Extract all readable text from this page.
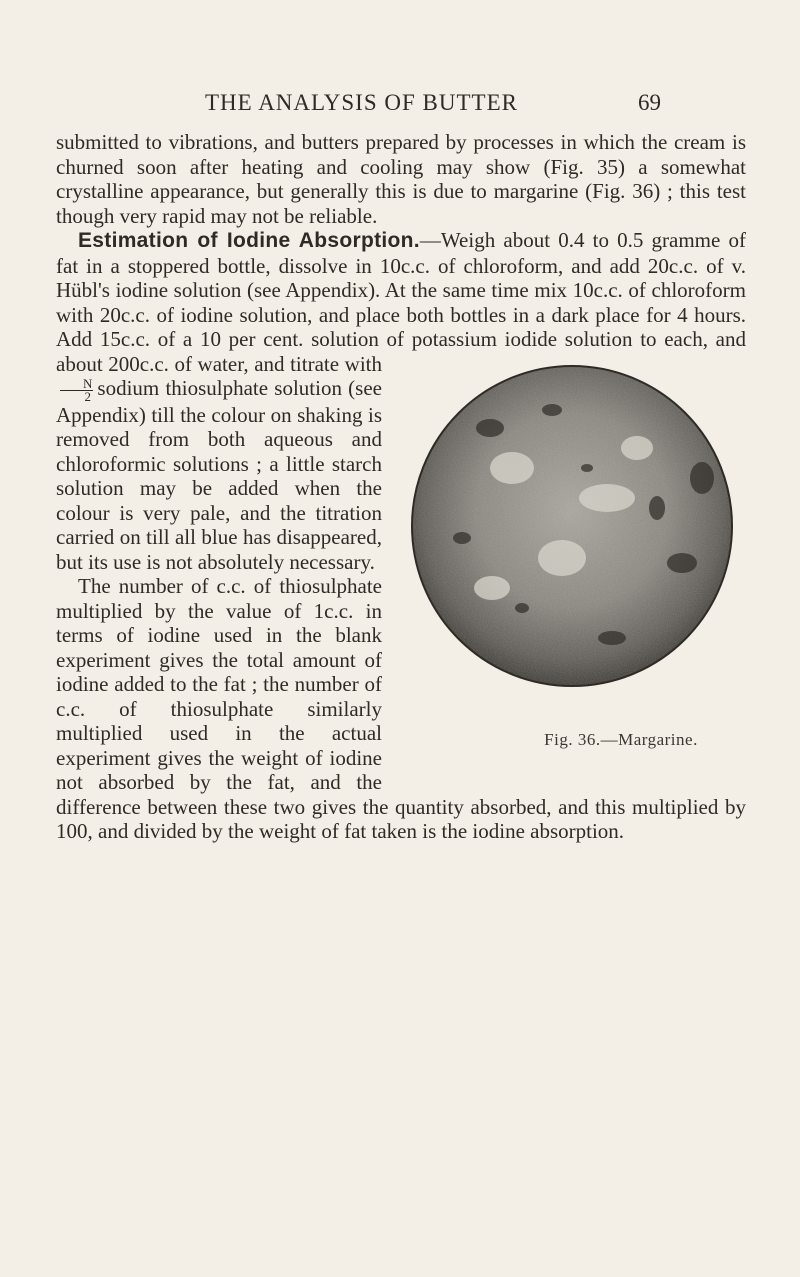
THE ANALYSIS OF BUTTER	69

submitted to vibrations, and butters prepared by processes in which the cream is churned soon after heating and cooling may show (Fig. 35) a somewhat crystalline appearance, but generally this is due to margarine (Fig. 36) ; this test though very rapid may not be reliable.

Estimation of Iodine Absorption.—Weigh about 0.4 to 0.5 gramme of fat in a stoppered bottle, dissolve in 10c.c. of chloroform, and add 20c.c. of v. Hübl's iodine solution (see Appendix). At the same time mix 10c.c. of chloroform with 20c.c. of iodine solution, and place both bottles in a dark place for 4 hours. Add 15c.c. of a 10 per cent. solution of potassium iodide solution to each, and about 200c.c. of water, and titrate with
Fig. 36.—Margarine.
$\frac{N}{2}$ sodium thiosulphate solution (see Appendix) till the colour on shaking is removed from both aqueous and chloroformic solutions ; a little starch solution may be added when the colour is very pale, and the titration carried on till all blue has disappeared, but its use is not absolutely necessary.

The number of c.c. of thiosulphate multiplied by the value of 1c.c. in terms of iodine used in the blank experiment gives the total amount of iodine added to the fat ; the number of c.c. of thiosulphate similarly multiplied used in the actual experiment gives the weight of iodine not absorbed by the fat, and the difference between these two gives the quantity absorbed, and this multiplied by 100, and divided by the weight of fat taken is the iodine absorption.
